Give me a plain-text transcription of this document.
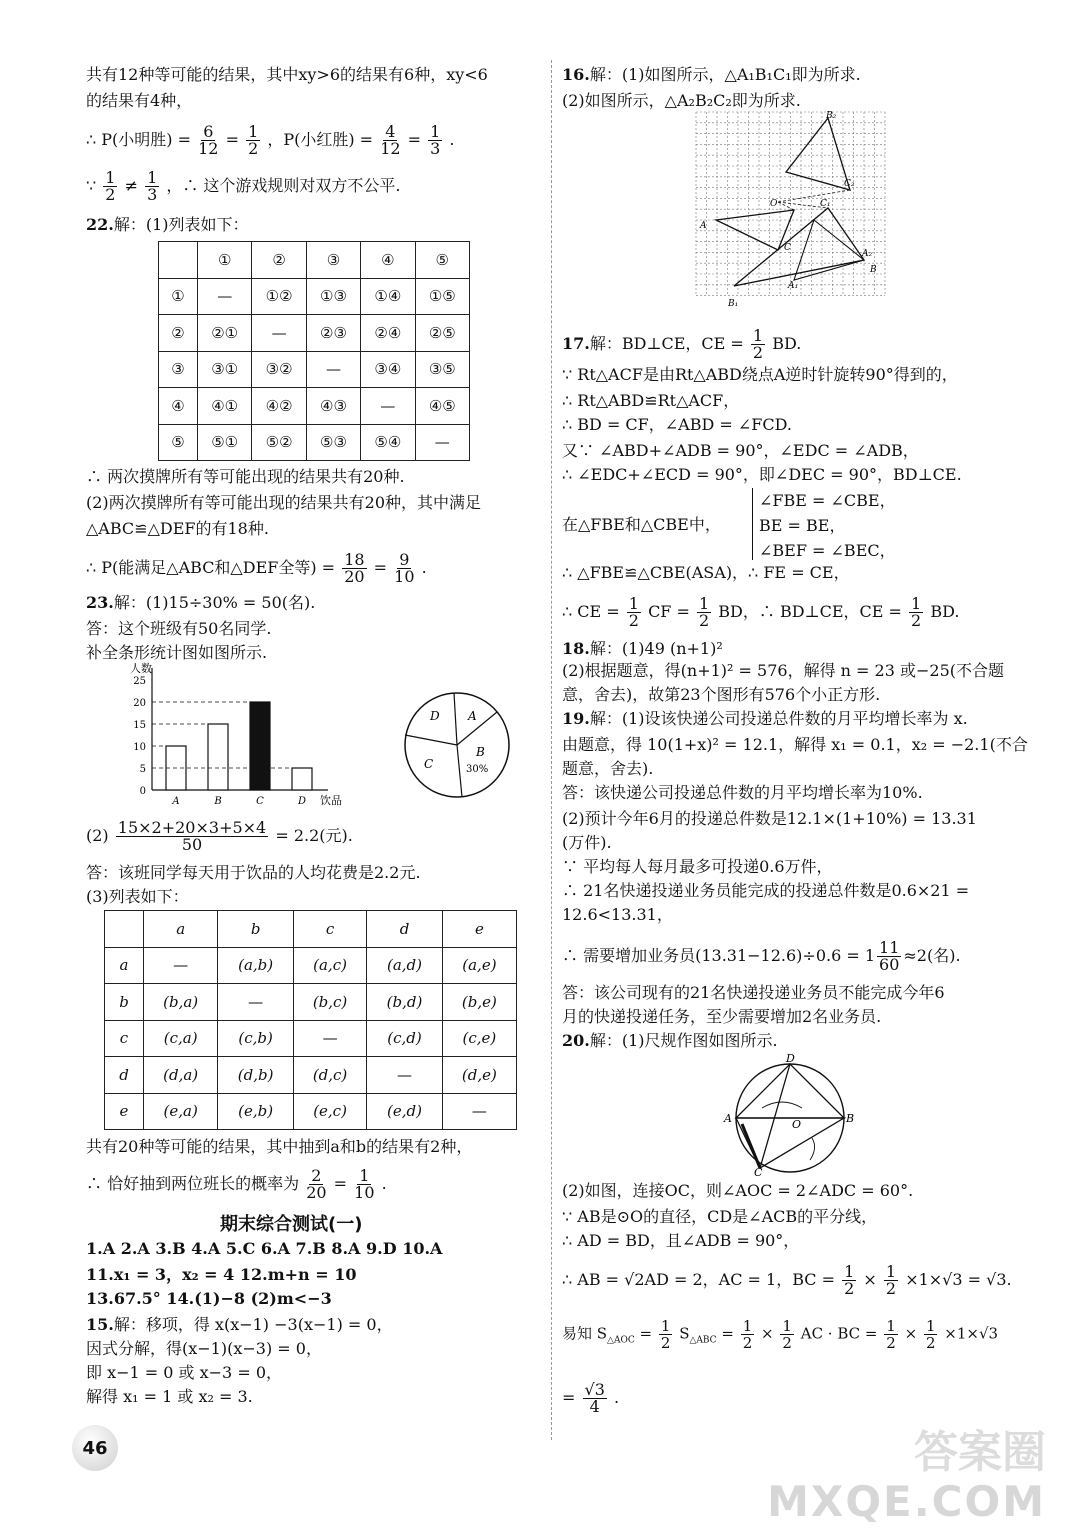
共有12种等可能的结果，其中xy>6的结果有6种，xy<6
的结果有4种，
∴ P(小明胜) = $\frac{6}{12} = \frac{1}{2}$ ，P(小红胜) = $\frac{4}{12} = \frac{1}{3}$ .
∵ $\frac{1}{2} \ne \frac{1}{3}$ ，∴ 这个游戏规则对双方不公平.
22.解：(1)列表如下：
	①	②	③	④	⑤
①	—	①②	①③	①④	①⑤
②	②①	—	②③	②④	②⑤
③	③①	③②	—	③④	③⑤
④	④①	④②	④③	—	④⑤
⑤	⑤①	⑤②	⑤③	⑤④	—
∴ 两次摸牌所有等可能出现的结果共有20种.
(2)两次摸牌所有等可能出现的结果共有20种，其中满足
△ABC≌△DEF的有18种.
∴ P(能满足△ABC和△DEF全等) = $\frac{18}{20} = \frac{9}{10}$ .
23.解：(1)15÷30% = 50(名).
答：这个班级有50名同学.
补全条形统计图如图所示.
人数
饮品
0
5
10
15
20
25
A	B	C	D
D A
C
B
30%
$(2) \frac{15\times 2+20\times 3+5\times 4}{50} = 2.2$(元).
答：该班同学每天用于饮品的人均花费是2.2元.
(3)列表如下：
	a	b	c	d	e
a	—	(a,b)	(a,c)	(a,d)	(a,e)
b	(b,a)	—	(b,c)	(b,d)	(b,e)
c	(c,a)	(c,b)	—	(c,d)	(c,e)
d	(d,a)	(d,b)	(d,c)	—	(d,e)
e	(e,a)	(e,b)	(e,c)	(e,d)	—
共有20种等可能的结果，其中抽到a和b的结果有2种，
∴ 恰好抽到两位班长的概率为 $\frac{2}{20} = \frac{1}{10}$ .
期末综合测试(一)
1.A 2.A 3.B 4.A 5.C 6.A 7.B 8.A 9.D 10.A
11.x₁ = 3，x₂ = 4 12.m+n = 10
13.67.5° 14.(1)−8 (2)m<−3
15.解：移项，得 x(x−1) −3(x−1) = 0，
因式分解，得(x−1)(x−3) = 0，
即 x−1 = 0 或 x−3 = 0，
解得 x₁ = 1 或 x₂ = 3.
16.解：(1)如图所示，△A₁B₁C₁即为所求.
(2)如图所示，△A₂B₂C₂即为所求.
B₂
C₂
O
A
C
A₁
B
A₂
B₁
C₁
17.解：BD⊥CE，CE = $\frac{1}{2}$ BD.
∵ Rt△ACF是由Rt△ABD绕点A逆时针旋转90°得到的，
∴ Rt△ABD≌Rt△ACF，
∴ BD = CF，∠ABD = ∠FCD.
又∵ ∠ABD+∠ADB = 90°，∠EDC = ∠ADB，
∴ ∠EDC+∠ECD = 90°，即∠DEC = 90°，BD⊥CE.
在△FBE和△CBE中，
∠FBE = ∠CBE，
BE = BE，
∠BEF = ∠BEC，
∴ △FBE≌△CBE(ASA)，∴ FE = CE，
∴ CE = $\frac{1}{2}$ CF = $\frac{1}{2}$ BD，∴ BD⊥CE，CE = $\frac{1}{2}$ BD.
18.解：(1)49 (n+1)²
(2)根据题意，得(n+1)² = 576，解得 n = 23 或−25(不合题
意，舍去)，故第23个图形有576个小正方形.
19.解：(1)设该快递公司投递总件数的月平均增长率为 x.
由题意，得 10(1+x)² = 12.1，解得 x₁ = 0.1，x₂ = −2.1(不合
题意，舍去).
答：该快递公司投递总件数的月平均增长率为10%.
(2)预计今年6月的投递总件数是12.1×(1+10%) = 13.31
(万件).
∵ 平均每人每月最多可投递0.6万件，
∴ 21名快递投递业务员能完成的投递总件数是0.6×21 =
12.6<13.31，
∴ 需要增加业务员$(13.31-12.6)\div 0.6 = 1 \frac{11}{60} \approx 2$(名).
答：该公司现有的21名快递投递业务员不能完成今年6
月的快递投递任务，至少需要增加2名业务员.
20.解：(1)尺规作图如图所示.
D
A	O	B
C
(2)如图，连接OC，则∠AOC = 2∠ADC = 60°.
∵ AB是⊙O的直径，CD是∠ACB的平分线，
∴ AD = BD，且∠ADB = 90°，
∴ AB = √2AD = 2，AC = 1，BC = $\frac{1}{2} \times \frac{1}{2} \times 1\times√3 = √3$.
易知 $S_{\triangle AOC} = \frac{1}{2} S_{\triangle ABC} = \frac{1}{2} \times \frac{1}{2}$ AC · BC = $\frac{1}{2} \times \frac{1}{2} \times 1\times√3$
= $\frac{√3}{4}$ .
46	答案圈
MXQE.COM
